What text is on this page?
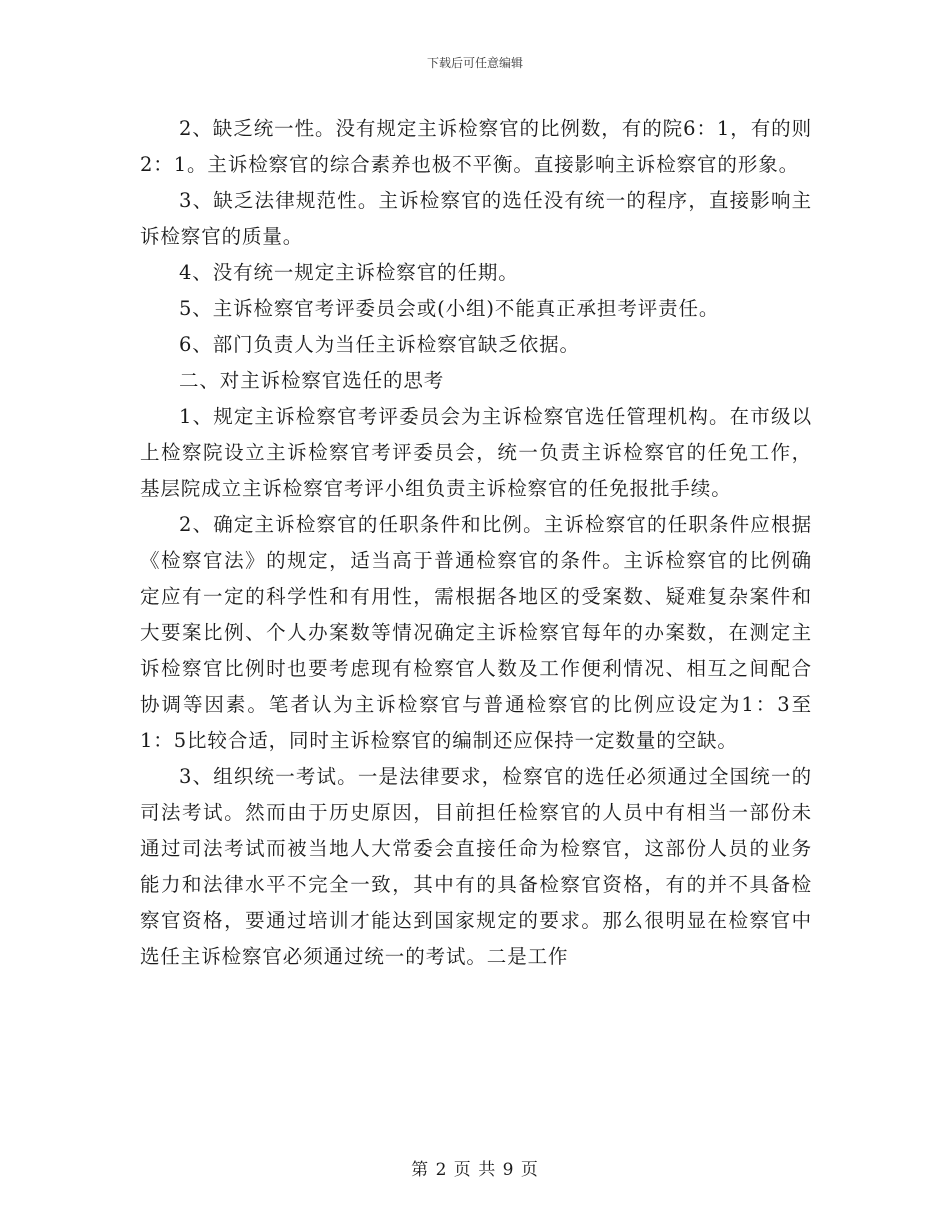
下载后可任意编辑

2、缺乏统一性。没有规定主诉检察官的比例数，有的院6：1，有的则2：1。主诉检察官的综合素养也极不平衡。直接影响主诉检察官的形象。

3、缺乏法律规范性。主诉检察官的选任没有统一的程序，直接影响主诉检察官的质量。

4、没有统一规定主诉检察官的任期。

5、主诉检察官考评委员会或(小组)不能真正承担考评责任。

6、部门负责人为当任主诉检察官缺乏依据。

二、对主诉检察官选任的思考

1、规定主诉检察官考评委员会为主诉检察官选任管理机构。在市级以上检察院设立主诉检察官考评委员会，统一负责主诉检察官的任免工作，基层院成立主诉检察官考评小组负责主诉检察官的任免报批手续。

2、确定主诉检察官的任职条件和比例。主诉检察官的任职条件应根据《检察官法》的规定，适当高于普通检察官的条件。主诉检察官的比例确定应有一定的科学性和有用性，需根据各地区的受案数、疑难复杂案件和大要案比例、个人办案数等情况确定主诉检察官每年的办案数，在测定主诉检察官比例时也要考虑现有检察官人数及工作便利情况、相互之间配合协调等因素。笔者认为主诉检察官与普通检察官的比例应设定为1：3至1：5比较合适，同时主诉检察官的编制还应保持一定数量的空缺。

3、组织统一考试。一是法律要求，检察官的选任必须通过全国统一的司法考试。然而由于历史原因，目前担任检察官的人员中有相当一部份未通过司法考试而被当地人大常委会直接任命为检察官，这部份人员的业务能力和法律水平不完全一致，其中有的具备检察官资格，有的并不具备检察官资格，要通过培训才能达到国家规定的要求。那么很明显在检察官中选任主诉检察官必须通过统一的考试。二是工作

第 2 页 共 9 页
